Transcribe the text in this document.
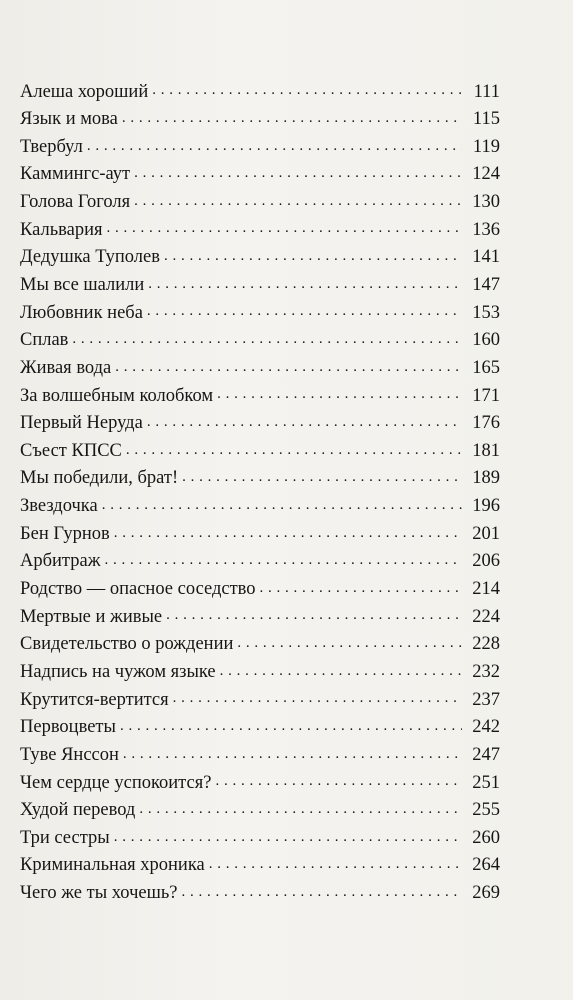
Алеша хороший . . .	111
Язык и мова . . .	115
Твербул . . .	119
Каммингс-аут . . .	124
Голова Гоголя . . .	130
Кальвария . . .	136
Дедушка Туполев . . .	141
Мы все шалили . . .	147
Любовник неба . . .	153
Сплав . . .	160
Живая вода . . .	165
За волшебным колобком . . .	171
Первый Неруда . . .	176
Съест КПСС . . .	181
Мы победили, брат! . . .	189
Звездочка . . .	196
Бен Гурнов . . .	201
Арбитраж . . .	206
Родство — опасное соседство . . .	214
Мертвые и живые . . .	224
Свидетельство о рождении . . .	228
Надпись на чужом языке . . .	232
Крутится-вертится . . .	237
Первоцветы . . .	242
Туве Янссон . . .	247
Чем сердце успокоится? . . .	251
Худой перевод . . .	255
Три сестры . . .	260
Криминальная хроника . . .	264
Чего же ты хочешь? . . .	269
